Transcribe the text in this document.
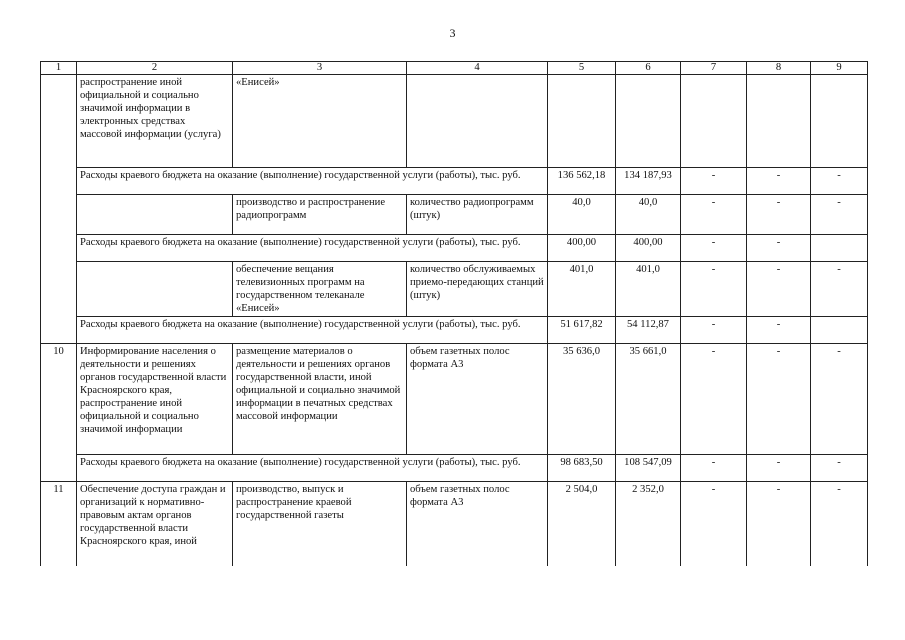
3
1	2	3	4	5	6	7	8	9
	распространение иной официальной и социально значимой информации в электронных средствах массовой информации (услуга)	«Енисей»						
	Расходы краевого бюджета на оказание (выполнение) государственной услуги (работы), тыс. руб.			136 562,18	134 187,93	-	-	-
		производство и распространение радиопрограмм	количество радиопрограмм (штук)	40,0	40,0	-	-	-
	Расходы краевого бюджета на оказание (выполнение) государственной услуги (работы), тыс. руб.			400,00	400,00	-	-	
		обеспечение вещания телевизионных программ на государственном телеканале «Енисей»	количество обслуживаемых приемо-передающих станций (штук)	401,0	401,0	-	-	-
	Расходы краевого бюджета на оказание (выполнение) государственной услуги (работы), тыс. руб.			51 617,82	54 112,87	-	-	
10	Информирование населения о деятельности и решениях органов государственной власти Красноярского края, распространение иной официальной и социально значимой информации	размещение материалов о деятельности и решениях органов государственной власти, иной официальной и социально значимой информации в печатных средствах массовой информации	объем газетных полос формата А3	35 636,0	35 661,0	-	-	-
	Расходы краевого бюджета на оказание (выполнение) государственной услуги (работы), тыс. руб.			98 683,50	108 547,09	-	-	-
11	Обеспечение доступа граждан и организаций к нормативно-правовым актам органов государственной власти Красноярского края, иной	производство, выпуск и распространение краевой государственной газеты	объем газетных полос формата А3	2 504,0	2 352,0	-	-	-
